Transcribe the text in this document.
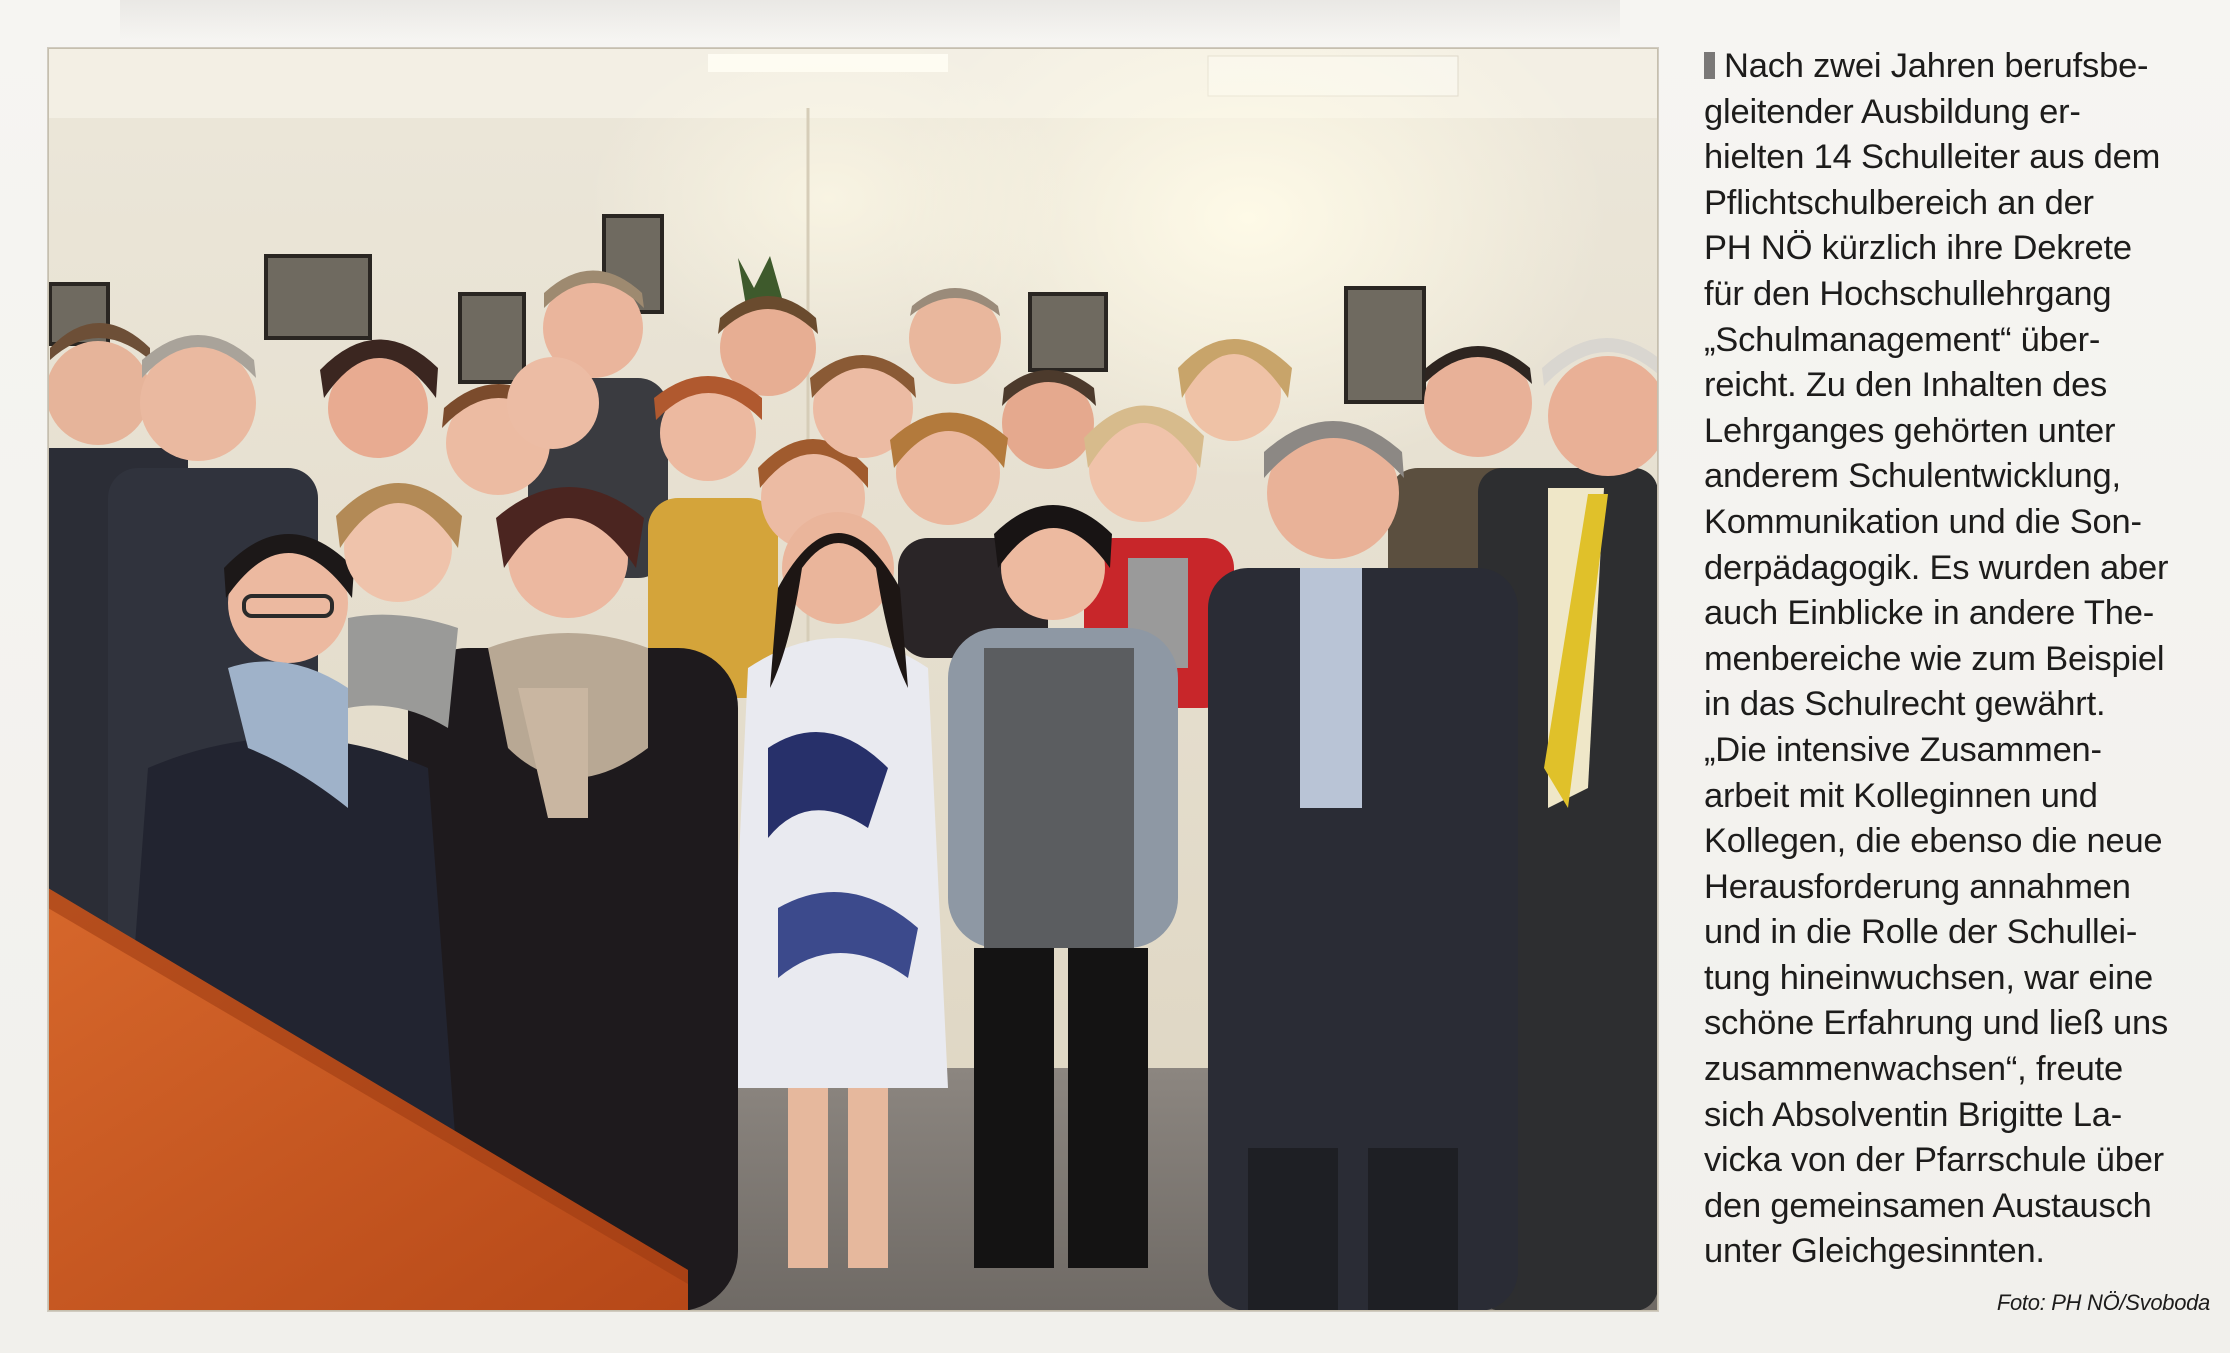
Nach zwei Jahren berufsbe-
gleitender Ausbildung er-
hielten 14 Schulleiter aus dem
Pflichtschulbereich an der
PH NÖ kürzlich ihre Dekrete
für den Hochschullehrgang
„Schulmanagement“ über-
reicht. Zu den Inhalten des
Lehrganges gehörten unter
anderem Schulentwicklung,
Kommunikation und die Son-
derpädagogik. Es wurden aber
auch Einblicke in andere The-
menbereiche wie zum Beispiel
in das Schulrecht gewährt.
„Die intensive Zusammen-
arbeit mit Kolleginnen und
Kollegen, die ebenso die neue
Herausforderung annahmen
und in die Rolle der Schullei-
tung hineinwuchsen, war eine
schöne Erfahrung und ließ uns
zusammenwachsen“, freute
sich Absolventin Brigitte La-
vicka von der Pfarrschule über
den gemeinsamen Austausch
unter Gleichgesinnten.

Foto: PH NÖ/Svoboda
